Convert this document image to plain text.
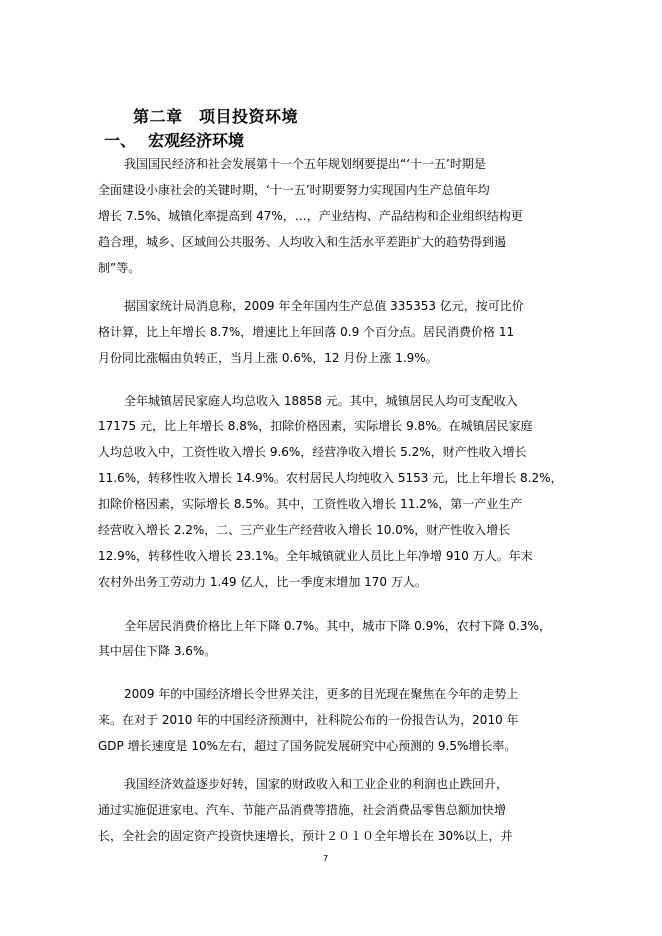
第二章　项目投资环境
一、 宏观经济环境
我国国民经济和社会发展第十一个五年规划纲要提出“‘十一五’时期是
全面建设小康社会的关键时期，‘十一五’时期要努力实现国内生产总值年均
增长 7.5%、城镇化率提高到 47%，…，产业结构、产品结构和企业组织结构更
趋合理，城乡、区域间公共服务、人均收入和生活水平差距扩大的趋势得到遏
制”等。
据国家统计局消息称，2009 年全年国内生产总值 335353 亿元，按可比价
格计算，比上年增长 8.7%，增速比上年回落 0.9 个百分点。居民消费价格 11
月份同比涨幅由负转正，当月上涨 0.6%，12 月份上涨 1.9%。
全年城镇居民家庭人均总收入 18858 元。其中，城镇居民人均可支配收入
17175 元，比上年增长 8.8%，扣除价格因素，实际增长 9.8%。在城镇居民家庭
人均总收入中，工资性收入增长 9.6%，经营净收入增长 5.2%，财产性收入增长
11.6%，转移性收入增长 14.9%。农村居民人均纯收入 5153 元，比上年增长 8.2%，
扣除价格因素，实际增长 8.5%。其中，工资性收入增长 11.2%，第一产业生产
经营收入增长 2.2%，二、三产业生产经营收入增长 10.0%，财产性收入增长
12.9%，转移性收入增长 23.1%。全年城镇就业人员比上年净增 910 万人。年末
农村外出务工劳动力 1.49 亿人，比一季度末增加 170 万人。
全年居民消费价格比上年下降 0.7%。其中，城市下降 0.9%，农村下降 0.3%，
其中居住下降 3.6%。
2009 年的中国经济增长令世界关注，更多的目光现在聚焦在今年的走势上
来。在对于 2010 年的中国经济预测中，社科院公布的一份报告认为，2010 年
GDP 增长速度是 10%左右，超过了国务院发展研究中心预测的 9.5%增长率。
我国经济效益逐步好转，国家的财政收入和工业企业的利润也止跌回升，
通过实施促进家电、汽车、节能产品消费等措施，社会消费品零售总额加快增
长，全社会的固定资产投资快速增长，预计２０１０全年增长在 30%以上，并
7
